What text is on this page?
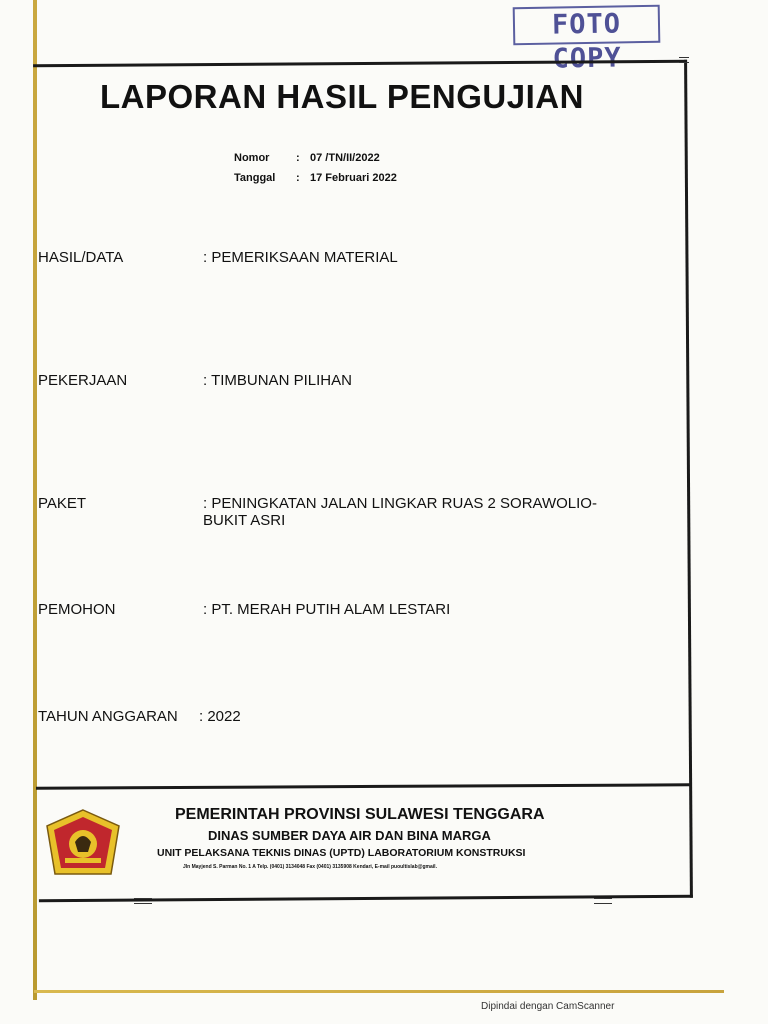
FOTO COPY
LAPORAN HASIL PENGUJIAN
Nomor : 07 /TN/II/2022
Tanggal : 17 Februari 2022
HASIL/DATA	: PEMERIKSAAN MATERIAL
PEKERJAAN	: TIMBUNAN PILIHAN
PAKET	: PENINGKATAN JALAN LINGKAR RUAS 2 SORAWOLIO-BUKIT ASRI
PEMOHON	: PT. MERAH PUTIH ALAM LESTARI
TAHUN ANGGARAN : 2022
PEMERINTAH PROVINSI SULAWESI TENGGARA
DINAS SUMBER DAYA AIR DAN BINA MARGA
UNIT PELAKSANA TEKNIS DINAS (UPTD) LABORATORIUM KONSTRUKSI
Jln Mayjend S. Parman No. 1 A Telp. (0401) 3134048 Fax (0401) 3135908 Kendari, E-mail puoultislab@gmail.
Dipindai dengan CamScanner
